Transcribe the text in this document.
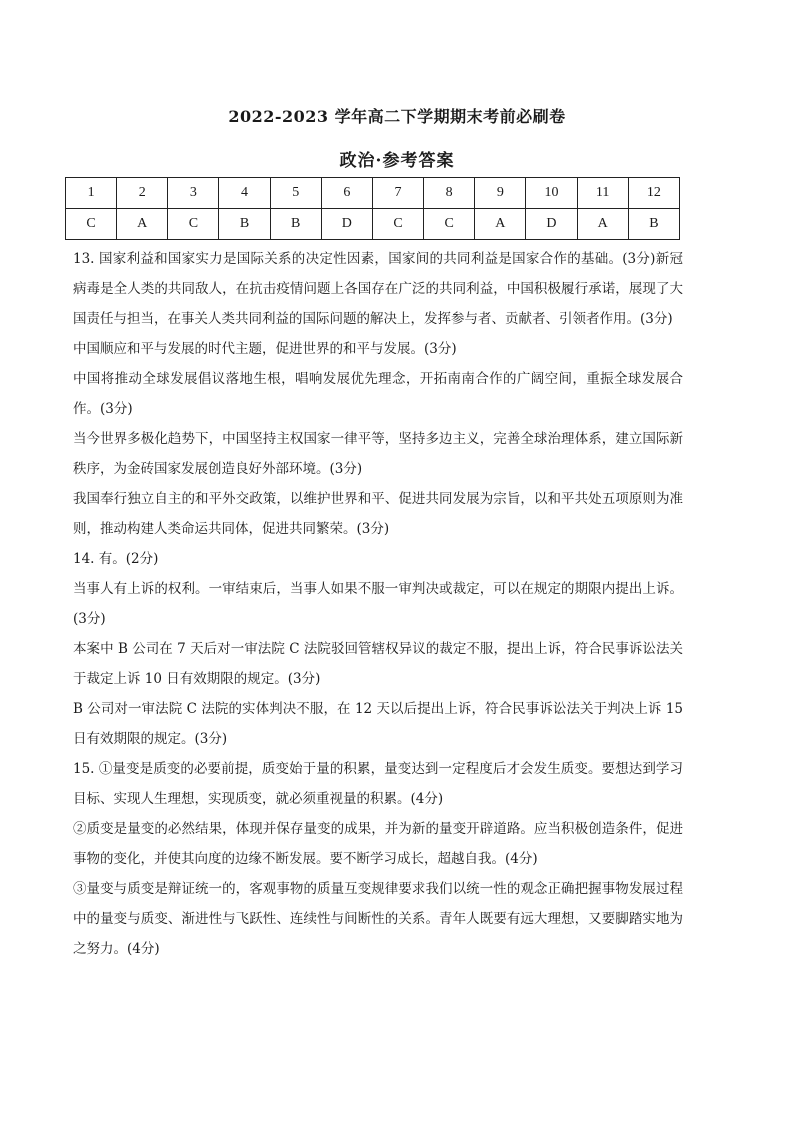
2022-2023 学年高二下学期期末考前必刷卷
政治·参考答案
1	2	3	4	5	6	7	8	9	10	11	12
C	A	C	B	B	D	C	C	A	D	A	B

13. 国家利益和国家实力是国际关系的决定性因素，国家间的共同利益是国家合作的基础。(3分)新冠病毒是全人类的共同敌人，在抗击疫情问题上各国存在广泛的共同利益，中国积极履行承诺，展现了大国责任与担当，在事关人类共同利益的国际问题的解决上，发挥参与者、贡献者、引领者作用。(3分)

中国顺应和平与发展的时代主题，促进世界的和平与发展。(3分)

中国将推动全球发展倡议落地生根，唱响发展优先理念，开拓南南合作的广阔空间，重振全球发展合作。(3分)

当今世界多极化趋势下，中国坚持主权国家一律平等，坚持多边主义，完善全球治理体系，建立国际新秩序，为金砖国家发展创造良好外部环境。(3分)

我国奉行独立自主的和平外交政策，以维护世界和平、促进共同发展为宗旨，以和平共处五项原则为准则，推动构建人类命运共同体，促进共同繁荣。(3分)

14. 有。(2分)

当事人有上诉的权利。一审结束后，当事人如果不服一审判决或裁定，可以在规定的期限内提出上诉。(3分)

本案中 B 公司在 7 天后对一审法院 C 法院驳回管辖权异议的裁定不服，提出上诉，符合民事诉讼法关于裁定上诉 10 日有效期限的规定。(3分)

B 公司对一审法院 C 法院的实体判决不服，在 12 天以后提出上诉，符合民事诉讼法关于判决上诉 15 日有效期限的规定。(3分)

15. ①量变是质变的必要前提，质变始于量的积累，量变达到一定程度后才会发生质变。要想达到学习目标、实现人生理想，实现质变，就必须重视量的积累。(4分)

②质变是量变的必然结果，体现并保存量变的成果，并为新的量变开辟道路。应当积极创造条件，促进事物的变化，并使其向度的边缘不断发展。要不断学习成长，超越自我。(4分)

③量变与质变是辩证统一的，客观事物的质量互变规律要求我们以统一性的观念正确把握事物发展过程中的量变与质变、渐进性与飞跃性、连续性与间断性的关系。青年人既要有远大理想，又要脚踏实地为之努力。(4分)
